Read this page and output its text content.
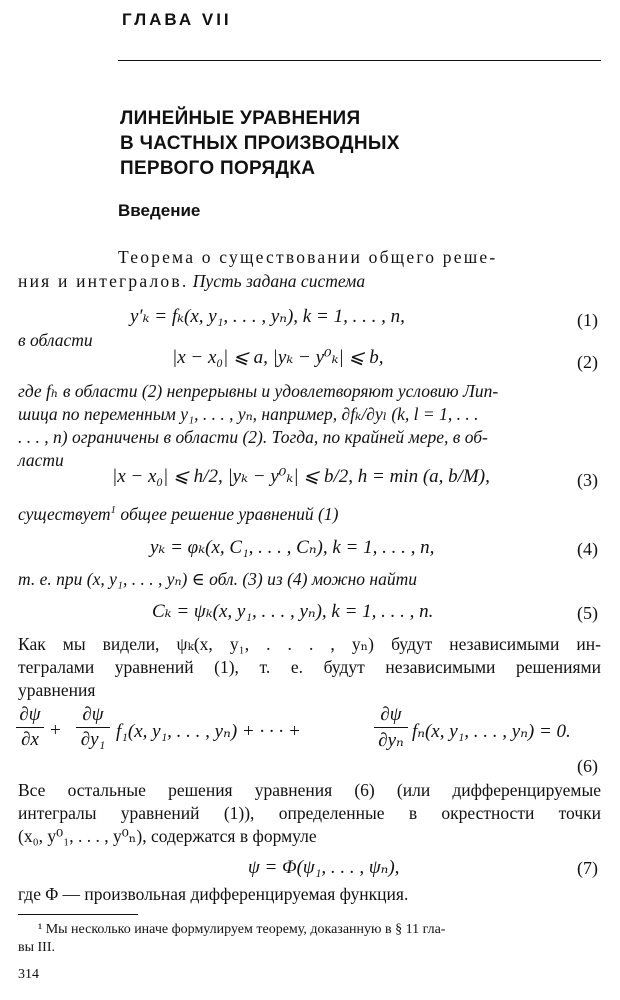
ГЛАВА VII
ЛИНЕЙНЫЕ УРАВНЕНИЯ
В ЧАСТНЫХ ПРОИЗВОДНЫХ
ПЕРВОГО ПОРЯДКА
Введение
Теорема о существовании общего реше-
ния и интегралов. Пусть задана система
y′ₖ = fₖ(x, y₁, . . . , yₙ), k = 1, . . . , n,	(1)
в области
|x − x₀| ⩽ a, |yₖ − y⁰ₖ| ⩽ b,	(2)
где fₕ в области (2) непрерывны и удовлетворяют условию Лип-
шица по переменным y₁, . . . , yₙ, например, ∂fₖ/∂yₗ (k, l = 1, . . .
. . . , n) ограничены в области (2). Тогда, по крайней мере, в об-
ласти
|x − x₀| ⩽ h/2, |yₖ − y⁰ₖ| ⩽ b/2, h = min (a, b/M),	(3)
существует$^1$ общее решение уравнений (1)
yₖ = φₖ(x, C₁, . . . , Cₙ), k = 1, . . . , n,	(4)
т. е. при (x, y₁, . . . , yₙ) ∈ обл. (3) из (4) можно найти
Cₖ = ψₖ(x, y₁, . . . , yₙ), k = 1, . . . , n.	(5)
Как мы видели, ψₖ(x, y₁, . . . , yₙ) будут независимыми ин-
тегралами уравнений (1), т. е. будут независимыми решениями
уравнения
∂ψ
∂x +
∂ψ
∂y₁ f₁(x, y₁, . . . , yₙ) + · · · +
∂ψ
∂yₙ fₙ(x, y₁, . . . , yₙ) = 0.
(6)
Все остальные решения уравнения (6) (или дифференцируемые
интегралы уравнений (1)), определенные в окрестности точки
(x₀, y⁰₁, . . . , y⁰ₙ), содержатся в формуле
ψ = Φ(ψ₁, . . . , ψₙ),	(7)
где Φ — произвольная дифференцируемая функция.
¹ Мы несколько иначе формулируем теорему, доказанную в § 11 гла-
вы III.
314
